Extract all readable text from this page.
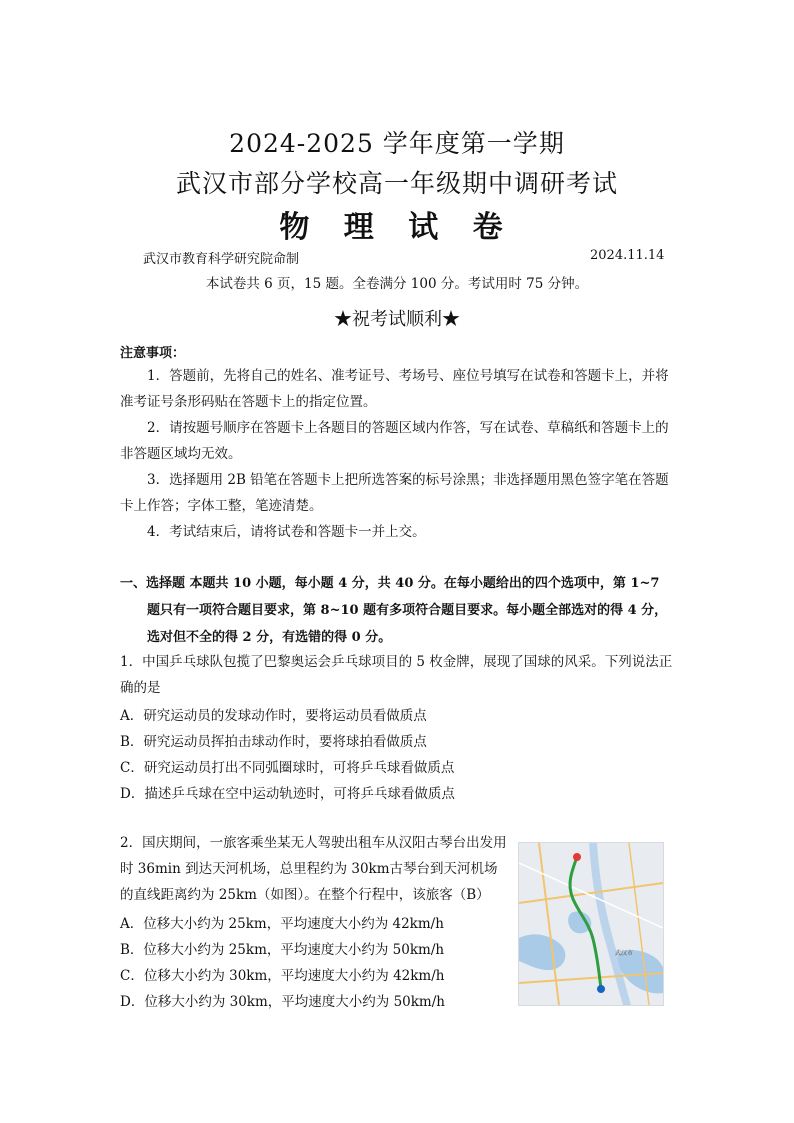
2024-2025 学年度第一学期
武汉市部分学校高一年级期中调研考试
物 理 试 卷
武汉市教育科学研究院命制	2024.11.14
本试卷共 6 页，15 题。全卷满分 100 分。考试用时 75 分钟。
★祝考试顺利★
注意事项：
1．答题前，先将自己的姓名、准考证号、考场号、座位号填写在试卷和答题卡上，并将准考证号条形码贴在答题卡上的指定位置。
2．请按题号顺序在答题卡上各题目的答题区域内作答，写在试卷、草稿纸和答题卡上的非答题区域均无效。
3．选择题用 2B 铅笔在答题卡上把所选答案的标号涂黑；非选择题用黑色签字笔在答题卡上作答；字体工整，笔迹清楚。
4．考试结束后，请将试卷和答题卡一并上交。
一、选择题 本题共 10 小题，每小题 4 分，共 40 分。在每小题给出的四个选项中，第 1~7
题只有一项符合题目要求，第 8~10 题有多项符合题目要求。每小题全部选对的得 4 分，选对但不全的得 2 分，有选错的得 0 分。
1．中国乒乓球队包揽了巴黎奥运会乒乓球项目的 5 枚金牌，展现了国球的风采。下列说法正确的是
A．研究运动员的发球动作时，要将运动员看做质点
B．研究运动员挥拍击球动作时，要将球拍看做质点
C．研究运动员打出不同弧圈球时，可将乒乓球看做质点
D．描述乒乓球在空中运动轨迹时，可将乒乓球看做质点
2．国庆期间，一旅客乘坐某无人驾驶出租车从汉阳古琴台出发用时 36min 到达天河机场，总里程约为 30km古琴台到天河机场的直线距离约为 25km（如图）。在整个行程中，该旅客（B）
A．位移大小约为 25km，平均速度大小约为 42km/h
B．位移大小约为 25km，平均速度大小约为 50km/h
C．位移大小约为 30km，平均速度大小约为 42km/h
D．位移大小约为 30km，平均速度大小约为 50km/h
武汉市
